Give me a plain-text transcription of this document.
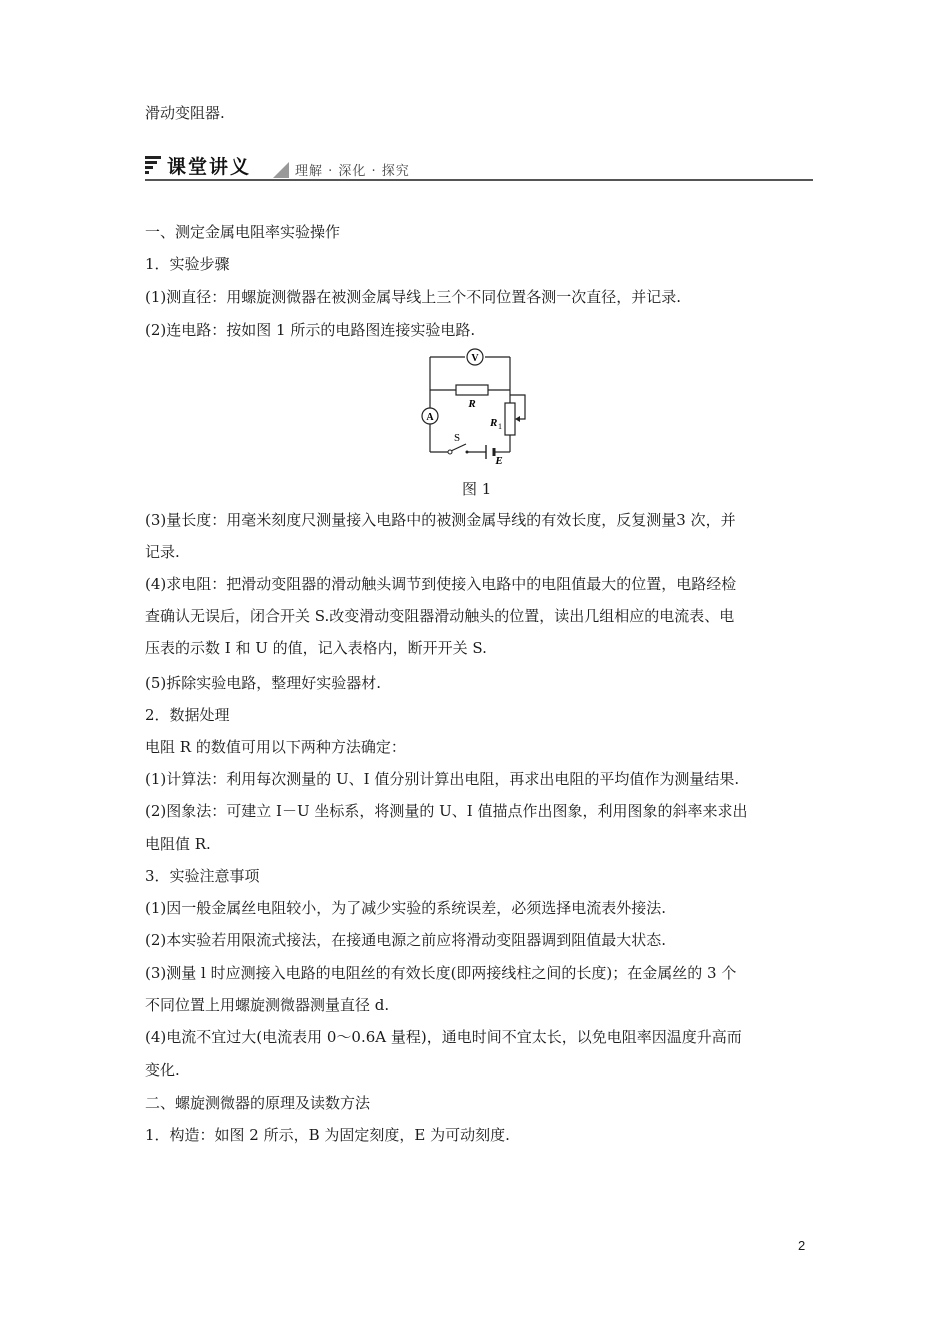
滑动变阻器.
课堂讲义	理解 · 深化 · 探究
一、测定金属电阻率实验操作
1．实验步骤
(1)测直径：用螺旋测微器在被测金属导线上三个不同位置各测一次直径，并记录.
(2)连电路：按如图 1 所示的电路图连接实验电路.
V
A
R
R 1
S
E
图 1
(3)量长度：用毫米刻度尺测量接入电路中的被测金属导线的有效长度，反复测量3 次，并
记录.
(4)求电阻：把滑动变阻器的滑动触头调节到使接入电路中的电阻值最大的位置，电路经检
查确认无误后，闭合开关 S.改变滑动变阻器滑动触头的位置，读出几组相应的电流表、电
压表的示数 I 和 U 的值，记入表格内，断开开关 S.
(5)拆除实验电路，整理好实验器材.
2．数据处理
电阻 R 的数值可用以下两种方法确定：
(1)计算法：利用每次测量的 U、I 值分别计算出电阻，再求出电阻的平均值作为测量结果.
(2)图象法：可建立 I－U 坐标系，将测量的 U、I 值描点作出图象，利用图象的斜率来求出
电阻值 R.
3．实验注意事项
(1)因一般金属丝电阻较小，为了减少实验的系统误差，必须选择电流表外接法.
(2)本实验若用限流式接法，在接通电源之前应将滑动变阻器调到阻值最大状态.
(3)测量 l 时应测接入电路的电阻丝的有效长度(即两接线柱之间的长度)；在金属丝的 3 个
不同位置上用螺旋测微器测量直径 d.
(4)电流不宜过大(电流表用 0～0.6A 量程)，通电时间不宜太长，以免电阻率因温度升高而
变化.
二、螺旋测微器的原理及读数方法
1．构造：如图 2 所示，B 为固定刻度，E 为可动刻度.
2
